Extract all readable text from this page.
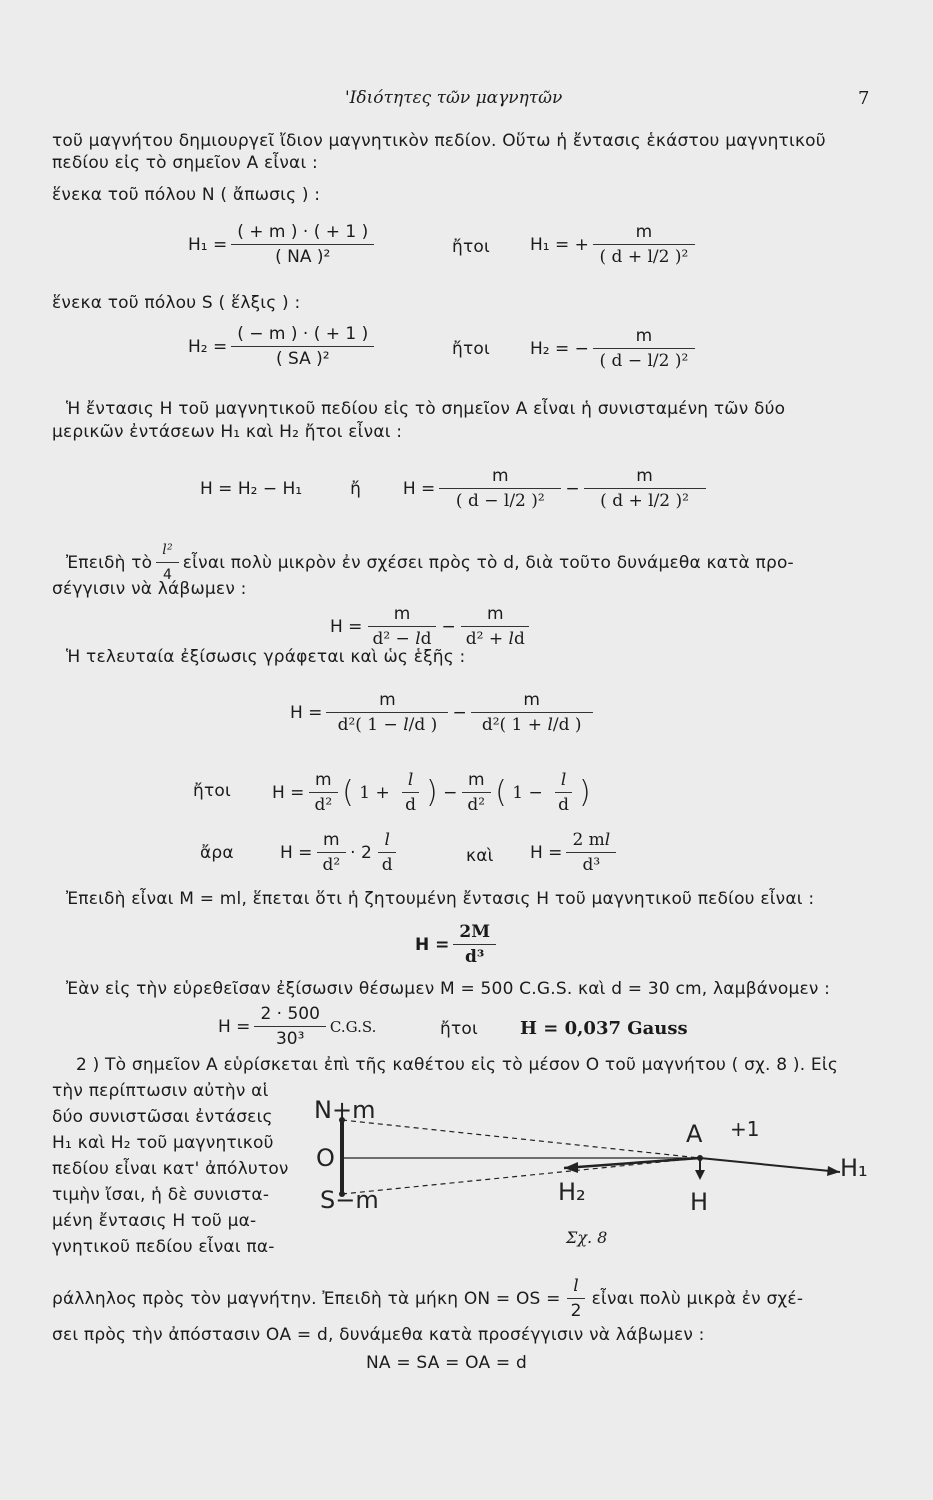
'Ιδιότητες τῶν μαγνητῶν	7
τοῦ μαγνήτου δημιουργεῖ ἴδιον μαγνητικὸν πεδίον. Οὕτω ἡ ἔντασις ἑκάστου μαγνητικοῦ
πεδίου εἰς τὸ σημεῖον Α εἶναι :
ἕνεκα τοῦ πόλου Ν ( ἄπωσις ) :
$H_1 = \frac{( + m ) \cdot ( + 1 )}{\text{( NA )²}}$	ἤτοι H₁ = + $\frac{m}{\text{( d + l/2 )²}}$
ἕνεκα τοῦ πόλου S ( ἕλξις ) :
$H_2 = \frac{( - m ) \cdot ( + 1 )}{\text{( SA )²}}$	ἤτοι H₂ = − $\frac{m}{\text{( d − l/2 )²}}$
Ἡ ἔντασις Η τοῦ μαγνητικοῦ πεδίου εἰς τὸ σημεῖον Α εἶναι ἡ συνισταμένη τῶν δύο
μερικῶν ἐντάσεων Η₁ καὶ Η₂ ἤτοι εἶναι :
H = H₂ − H₁	ἤ $H = \frac{m}{\text{( d − l/2 )²}} - \frac{m}{\text{( d + l/2 )²}}$
Ἐπειδὴ τὸ $\frac{\text{l²}}{4}$ εἶναι πολὺ μικρὸν ἐν σχέσει πρὸς τὸ d, διὰ τοῦτο δυνάμεθα κατὰ προ-
σέγγισιν νὰ λάβωμεν :
$H = \frac{m}{\text{d² − ld}} - \frac{m}{\text{d² + ld}}$
Ἡ τελευταία ἐξίσωσις γράφεται καὶ ὡς ἑξῆς :
$H = \frac{m}{\text{d²( 1 − l/d )}} - \frac{m}{\text{d²( 1 + l/d )}}$
ἤτοι $H = \frac{m}{\text{d²}}$ ( $1 + \frac{l}{d}$ ) − $\frac{m}{\text{d²}}$ ( $1 - \frac{l}{d}$ )
ἄρα	$H = \frac{m}{\text{d²}} \cdot 2$
l
d	καὶ $H = \frac{2 ml}{\text{d³}}$
Ἐπειδὴ εἶναι Μ = ml, ἕπεται ὅτι ἡ ζητουμένη ἔντασις Η τοῦ μαγνητικοῦ πεδίου εἶναι :
$H = \frac{2M}{\text{d³}}$
Ἐὰν εἰς τὴν εὑρεθεῖσαν ἐξίσωσιν θέσωμεν Μ = 500 C.G.S. καὶ d = 30 cm, λαμβάνομεν :
$H = \frac{2 \cdot 500}{\text{30³}} C.G.S$.	ἤτοι H = 0,037 Gauss
2 ) Τὸ σημεῖον Α εὑρίσκεται ἐπὶ τῆς καθέτου εἰς τὸ μέσον Ο τοῦ μαγνήτου ( σχ. 8 ). Εἰς
τὴν περίπτωσιν αὐτὴν αἱ
δύο συνιστῶσαι ἐντάσεις
Η₁ καὶ Η₂ τοῦ μαγνητικοῦ
πεδίου εἶναι κατ' ἀπόλυτον
τιμὴν ἴσαι, ἡ δὲ συνιστα-
μένη ἔντασις Η τοῦ μα-
γνητικοῦ πεδίου εἶναι πα-
N+m
O
S−m
A +1
H₁
H₂	H
Σχ. 8
ράλληλος πρὸς τὸν μαγνήτην. Ἐπειδὴ τὰ μήκη $ON = OS = \frac{l}{2}$ εἶναι πολὺ μικρὰ ἐν σχέ-
σει πρὸς τὴν ἀπόστασιν ΟΑ = d, δυνάμεθα κατὰ προσέγγισιν νὰ λάβωμεν :
NA = SA = OA = d
